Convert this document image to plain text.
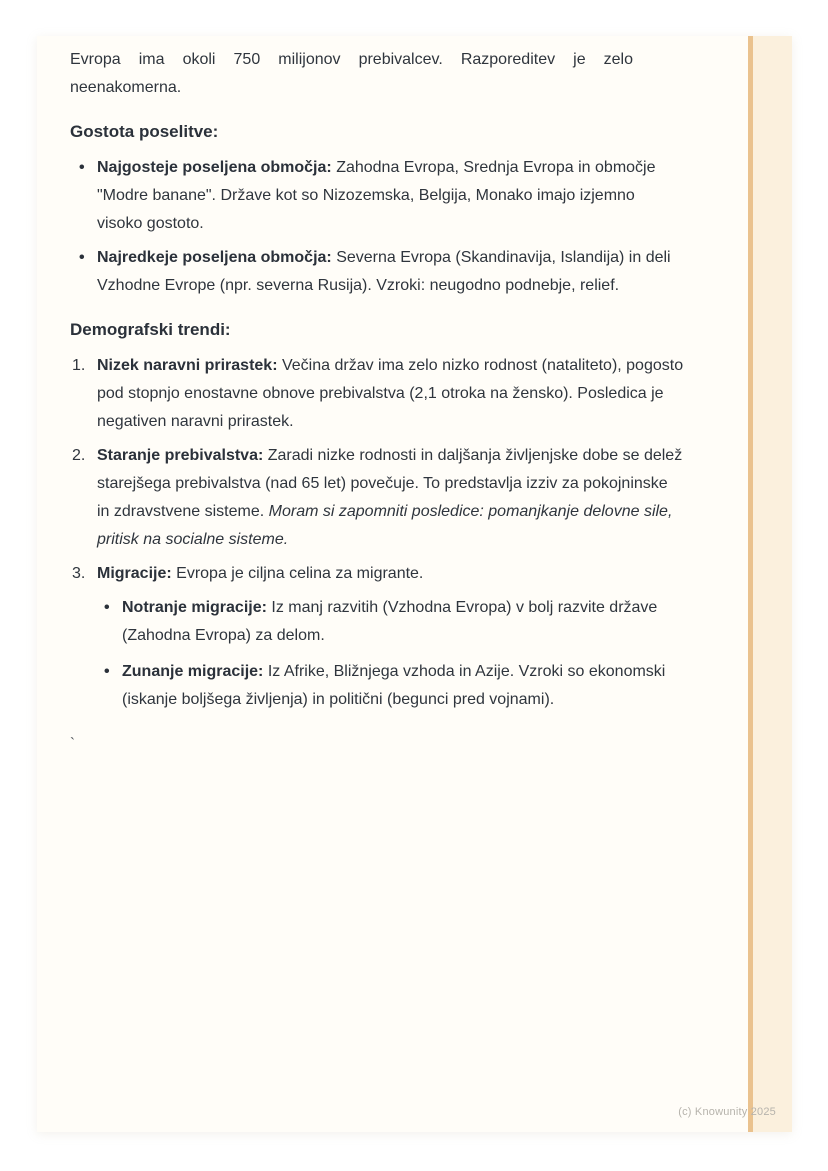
Evropa ima okoli 750 milijonov prebivalcev. Razporeditev je zelo neenakomerna.

Gostota poselitve:

• Najgosteje poseljena območja: Zahodna Evropa, Srednja Evropa in območje "Modre banane". Države kot so Nizozemska, Belgija, Monako imajo izjemno visoko gostoto.
• Najredkeje poseljena območja: Severna Evropa (Skandinavija, Islandija) in deli Vzhodne Evrope (npr. severna Rusija). Vzroki: neugodno podnebje, relief.

Demografski trendi:

Nizek naravni prirastek: Večina držav ima zelo nizko rodnost (nataliteto), pogosto pod stopnjo enostavne obnove prebivalstva (2,1 otroka na žensko). Posledica je negativen naravni prirastek.
Staranje prebivalstva: Zaradi nizke rodnosti in daljšanja življenjske dobe se delež starejšega prebivalstva (nad 65 let) povečuje. To predstavlja izziv za pokojninske in zdravstvene sisteme. Moram si zapomniti posledice: pomanjkanje delovne sile, pritisk na socialne sisteme.
Migracije: Evropa je ciljna celina za migrante.
• Notranje migracije: Iz manj razvitih (Vzhodna Evropa) v bolj razvite države (Zahodna Evropa) za delom.
• Zunanje migracije: Iz Afrike, Bližnjega vzhoda in Azije. Vzroki so ekonomski (iskanje boljšega življenja) in politični (begunci pred vojnami).
`
(c) Knowunity 2025
